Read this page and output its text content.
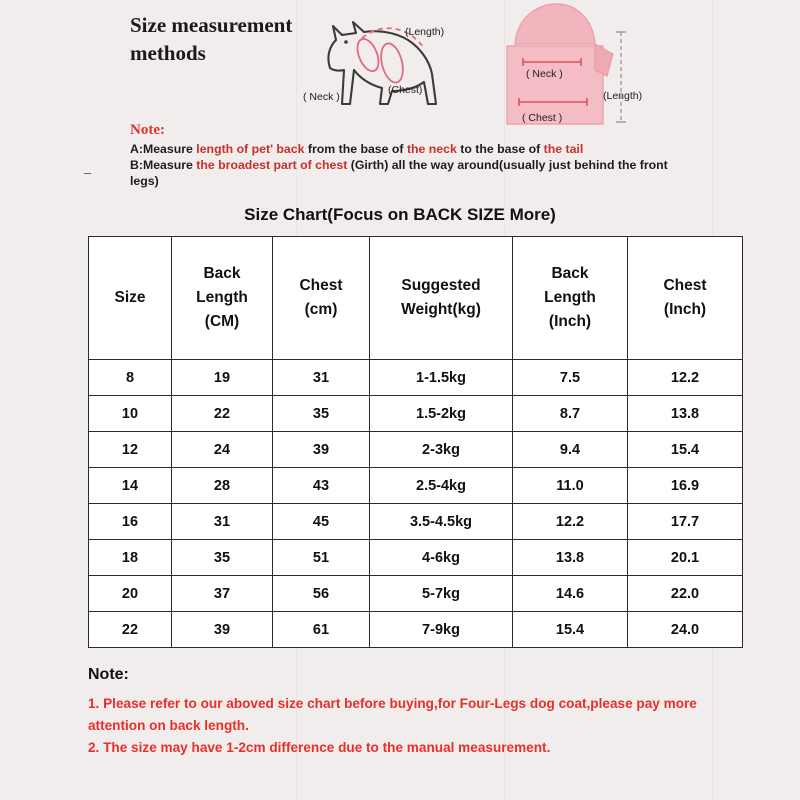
Size measurement methods
(Length)
( Neck )
(Chest)
( Neck )
( Chest )
(Length)
–
Note:
A:Measure length of pet' back from the base of the neck to the base of the tail
B:Measure the broadest part of chest (Girth) all the way around(usually just behind the front legs)
Size Chart(Focus on BACK SIZE More)
Size	Back
Length
(CM)	Chest
(cm)	Suggested
Weight(kg)	Back
Length
(Inch)	Chest
(Inch)

8	19	31	1-1.5kg	7.5	12.2
10	22	35	1.5-2kg	8.7	13.8
12	24	39	2-3kg	9.4	15.4
14	28	43	2.5-4kg	11.0	16.9
16	31	45	3.5-4.5kg	12.2	17.7
18	35	51	4-6kg	13.8	20.1
20	37	56	5-7kg	14.6	22.0
22	39	61	7-9kg	15.4	24.0
Note:
1. Please refer to our aboved size chart before buying,for Four-Legs dog coat,please pay more attention on back length.
2. The size may have 1-2cm difference due to the manual measurement.
